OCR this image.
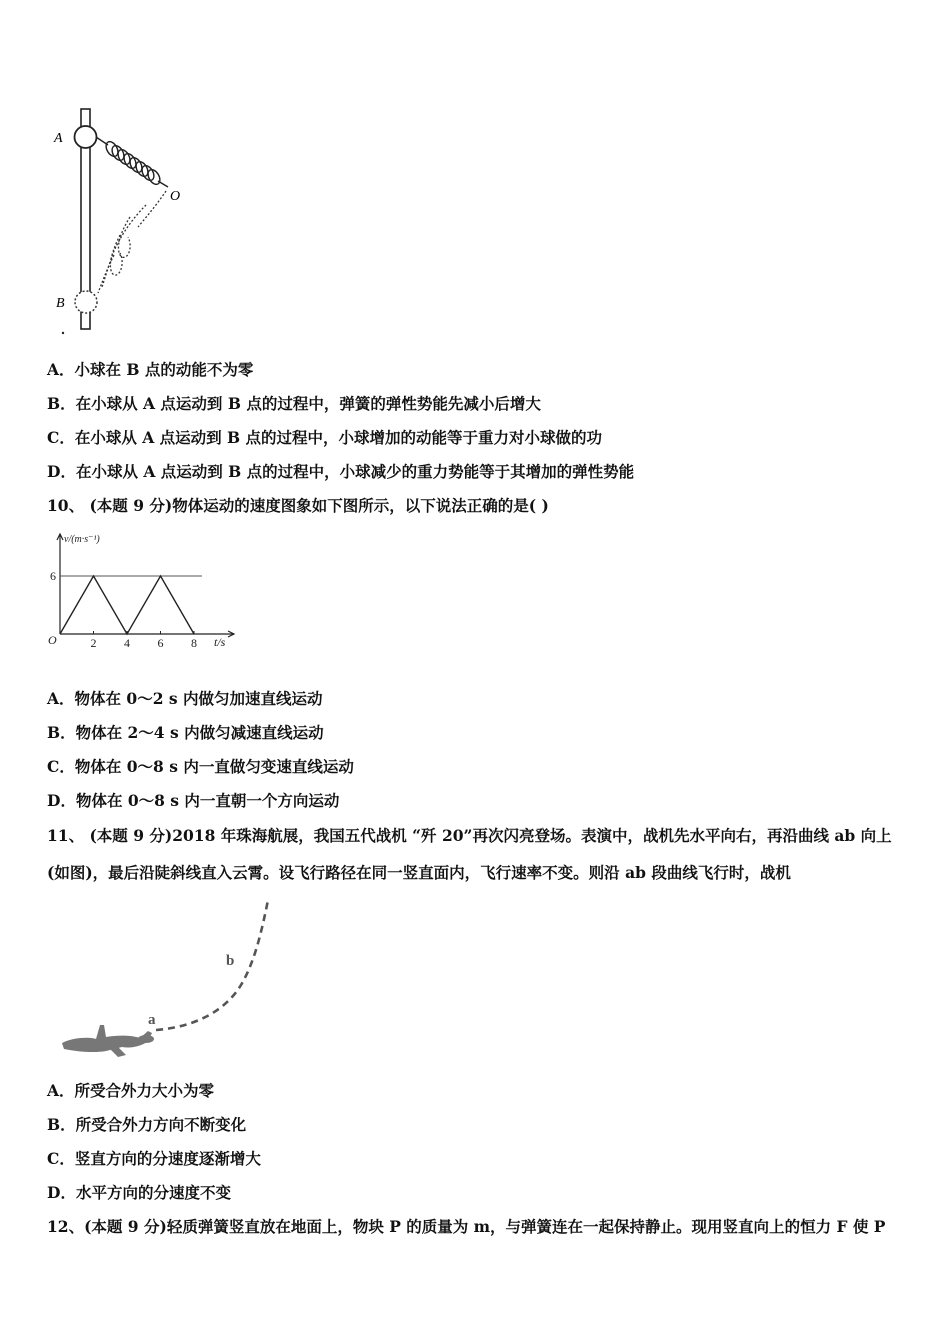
A
O
B
A．小球在 B 点的动能不为零
B．在小球从 A 点运动到 B 点的过程中，弹簧的弹性势能先减小后增大
C．在小球从 A 点运动到 B 点的过程中，小球增加的动能等于重力对小球做的功
D．在小球从 A 点运动到 B 点的过程中，小球减少的重力势能等于其增加的弹性势能
10、 (本题 9 分)物体运动的速度图象如下图所示，以下说法正确的是( )
v/(m·s⁻¹)
t/s
O
6
2 4 6 8
A．物体在 0～2 s 内做匀加速直线运动
B．物体在 2～4 s 内做匀减速直线运动
C．物体在 0～8 s 内一直做匀变速直线运动
D．物体在 0～8 s 内一直朝一个方向运动
11、 (本题 9 分)2018 年珠海航展，我国五代战机 “歼 20”再次闪亮登场。表演中，战机先水平向右，再沿曲线 ab 向上
(如图)，最后沿陡斜线直入云霄。设飞行路径在同一竖直面内，飞行速率不变。则沿 ab 段曲线飞行时，战机
a
b
A．所受合外力大小为零
B．所受合外力方向不断变化
C．竖直方向的分速度逐渐增大
D．水平方向的分速度不变
12、(本题 9 分)轻质弹簧竖直放在地面上，物块 P 的质量为 m，与弹簧连在一起保持静止。现用竖直向上的恒力 F 使 P
